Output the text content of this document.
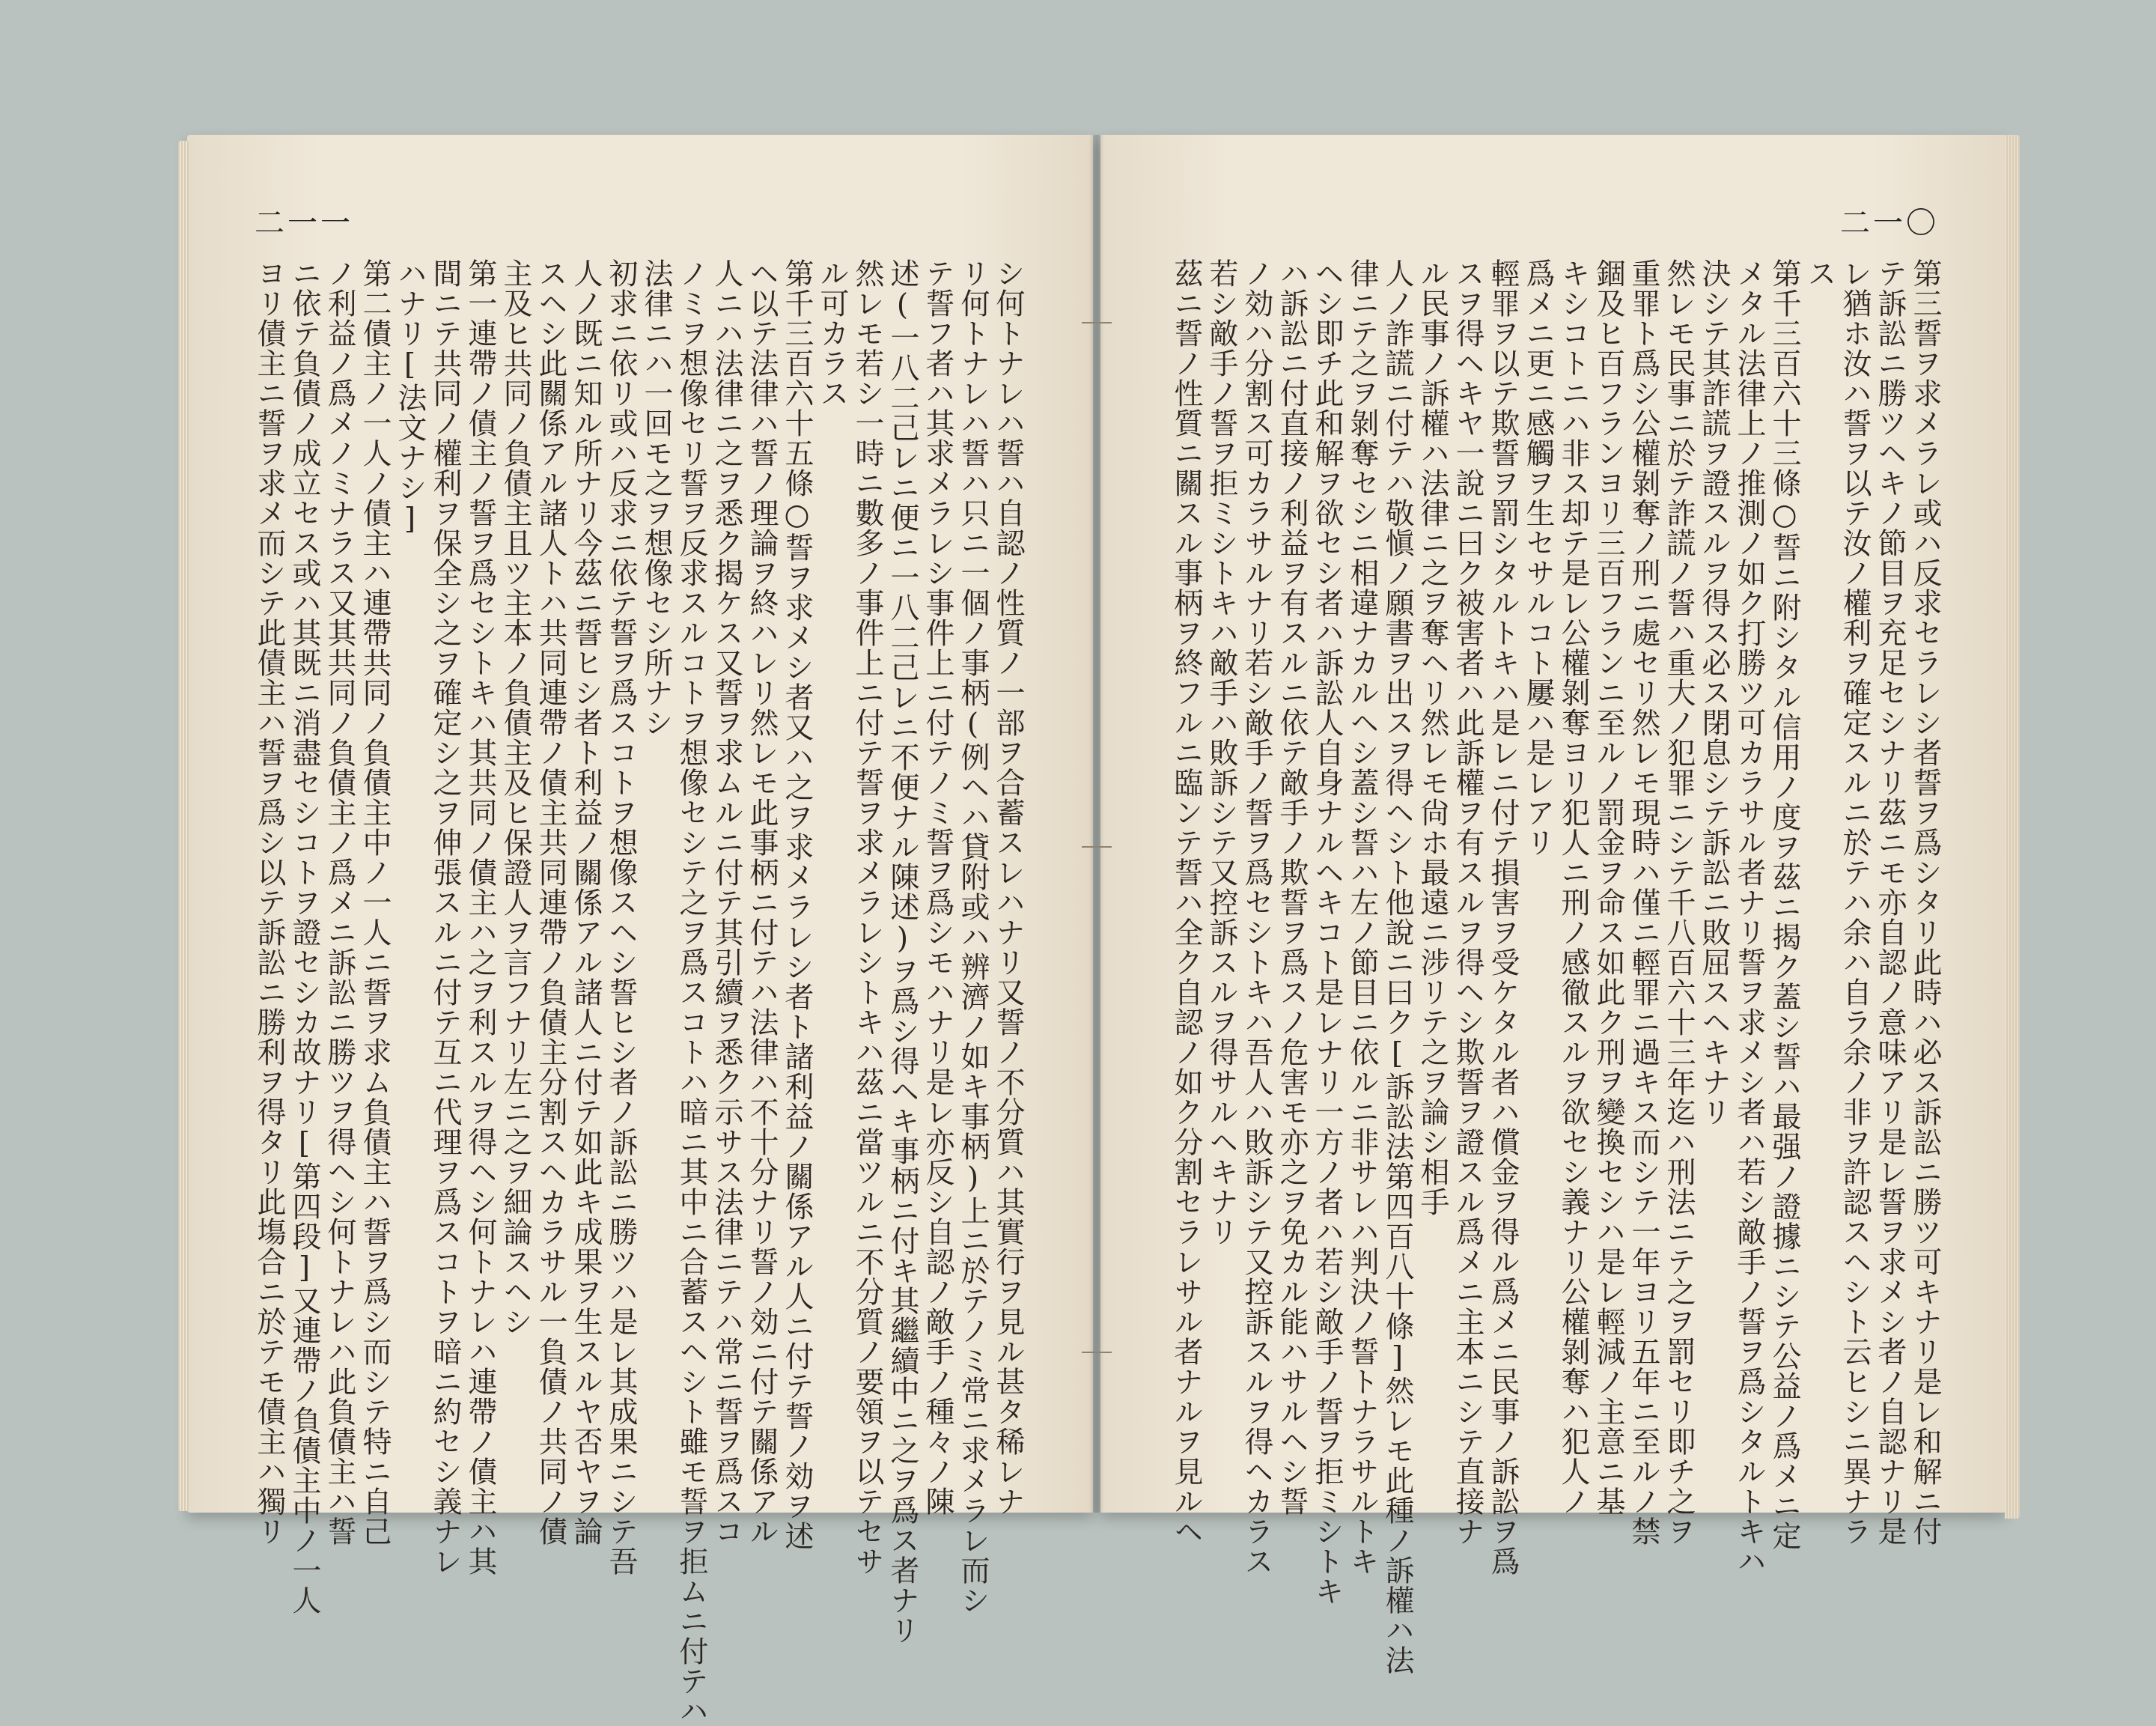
二一一
シ何トナレハ誓ハ自認ノ性質ノ一部ヲ合蓄スレハナリ又誓ノ不分質ハ其實行ヲ見ル甚タ稀レナ
リ何トナレハ誓ハ只ニ一個ノ事柄(例ヘハ貸附或ハ辨濟ノ如キ事柄)上ニ於テノミ常ニ求メラレ而シ
テ誓フ者ハ其求メラレシ事件上ニ付テノミ誓ヲ爲シモハナリ是レ亦反シ自認ノ敵手ノ種々ノ陳
述(一八二己レニ便ニ一八二己レニ不便ナル陳述)ヲ爲シ得ヘキ事柄ニ付キ其繼續中ニ之ヲ爲ス者ナリ
然レモ若シ一時ニ數多ノ事件上ニ付テ誓ヲ求メラレシトキハ茲ニ當ツルニ不分質ノ要領ヲ以テセサ
ル可カラス
第千三百六十五條○誓ヲ求メシ者又ハ之ヲ求メラレシ者ト諸利益ノ關係アル人ニ付テ誓ノ効ヲ述
ヘ以テ法律ハ誓ノ理論ヲ終ハレリ然レモ此事柄ニ付テハ法律ハ不十分ナリ誓ノ効ニ付テ關係アル
人ニハ法律ニ之ヲ悉ク揭ケス又誓ヲ求ムルニ付テ其引續ヲ悉ク示サス法律ニテハ常ニ誓ヲ爲スコ
ノミヲ想像セリ誓ヲ反求スルコトヲ想像セシテ之ヲ爲スコトハ暗ニ其中ニ合蓄スヘシト雖モ誓ヲ拒ムニ付テハ
法律ニハ一回モ之ヲ想像セシ所ナシ
初求ニ依リ或ハ反求ニ依テ誓ヲ爲スコトヲ想像スヘシ誓ヒシ者ノ訴訟ニ勝ツハ是レ其成果ニシテ吾
人ノ既ニ知ル所ナリ今茲ニ誓ヒシ者ト利益ノ關係アル諸人ニ付テ如此キ成果ヲ生スルヤ否ヤヲ論
スヘシ此關係アル諸人トハ共同連帶ノ債主共同連帶ノ負債主分割スヘカラサル一負債ノ共同ノ債
主及ヒ共同ノ負債主且ツ主本ノ負債主及ヒ保證人ヲ言フナリ左ニ之ヲ細論スヘシ
第一連帶ノ債主ノ誓ヲ爲セシトキハ其共同ノ債主ハ之ヲ利スルヲ得ヘシ何トナレハ連帶ノ債主ハ其
間ニテ共同ノ權利ヲ保全シ之ヲ確定シ之ヲ伸張スルニ付テ互ニ代理ヲ爲スコトヲ暗ニ約セシ義ナレ
ハナリ[法文ナシ]
第二債主ノ一人ノ債主ハ連帶共同ノ負債主中ノ一人ニ誓ヲ求ム負債主ハ誓ヲ爲シ而シテ特ニ自己
ノ利益ノ爲メノミナラス又其共同ノ負債主ノ爲メニ訴訟ニ勝ツヲ得ヘシ何トナレハ此負債主ハ誓
ニ依テ負債ノ成立セス或ハ其既ニ消盡セシコトヲ證セシカ故ナリ[第四段]又連帶ノ負債主中ノ一人
ヨリ債主ニ誓ヲ求メ而シテ此債主ハ誓ヲ爲シ以テ訴訟ニ勝利ヲ得タリ此塲合ニ於テモ債主ハ獨リ
二一〇
第三誓ヲ求メラレ或ハ反求セラレシ者誓ヲ爲シタリ此時ハ必ス訴訟ニ勝ツ可キナリ是レ和解ニ付
テ訴訟ニ勝ツヘキノ節目ヲ充足セシナリ茲ニモ亦自認ノ意味アリ是レ誓ヲ求メシ者ノ自認ナリ是
レ猶ホ汝ハ誓ヲ以テ汝ノ權利ヲ確定スルニ於テハ余ハ自ラ余ノ非ヲ許認スヘシト云ヒシニ異ナラ
ス
第千三百六十三條○誓ニ附シタル信用ノ度ヲ茲ニ揭ク蓋シ誓ハ最强ノ證據ニシテ公益ノ爲メニ定
メタル法律上ノ推測ノ如ク打勝ツ可カラサル者ナリ誓ヲ求メシ者ハ若シ敵手ノ誓ヲ爲シタルトキハ
決シテ其詐謊ヲ證スルヲ得ス必ス閉息シテ訴訟ニ敗屈スヘキナリ
然レモ民事ニ於テ詐謊ノ誓ハ重大ノ犯罪ニシテ千八百六十三年迄ハ刑法ニテ之ヲ罰セリ即チ之ヲ
重罪ト爲シ公權剝奪ノ刑ニ處セリ然レモ現時ハ僅ニ輕罪ニ過キス而シテ一年ヨリ五年ニ至ルノ禁
錮及ヒ百フランヨリ三百フランニ至ルノ罰金ヲ命ス如此ク刑ヲ變換セシハ是レ輕減ノ主意ニ基
キシコトニハ非ス却テ是レ公權剝奪ヨリ犯人ニ刑ノ感徹スルヲ欲セシ義ナリ公權剝奪ハ犯人ノ
爲メニ更ニ感觸ヲ生セサルコト屢ハ是レアリ
輕罪ヲ以テ欺誓ヲ罰シタルトキハ是レニ付テ損害ヲ受ケタル者ハ償金ヲ得ル爲メニ民事ノ訴訟ヲ爲
スヲ得ヘキヤ一說ニ曰ク被害者ハ此訴權ヲ有スルヲ得ヘシ欺誓ヲ證スル爲メニ主本ニシテ直接ナ
ル民事ノ訴權ハ法律ニ之ヲ奪ヘリ然レモ尙ホ最遠ニ涉リテ之ヲ論シ相手
人ノ詐謊ニ付テハ敬愼ノ願書ヲ出スヲ得ヘシト他說ニ曰ク[訴訟法第四百八十條]然レモ此種ノ訴權ハ法
律ニテ之ヲ剝奪セシニ相違ナカルヘシ蓋シ誓ハ左ノ節目ニ依ルニ非サレハ判決ノ誓トナラサルトキ
ヘシ即チ此和解ヲ欲セシ者ハ訴訟人自身ナルヘキコト是レナリ一方ノ者ハ若シ敵手ノ誓ヲ拒ミシトキ
ハ訴訟ニ付直接ノ利益ヲ有スルニ依テ敵手ノ欺誓ヲ爲スノ危害モ亦之ヲ免カル能ハサルヘシ誓
ノ効ハ分割ス可カラサルナリ若シ敵手ノ誓ヲ爲セシトキハ吾人ハ敗訴シテ又控訴スルヲ得ヘカラス
若シ敵手ノ誓ヲ拒ミシトキハ敵手ハ敗訴シテ又控訴スルヲ得サルヘキナリ
茲ニ誓ノ性質ニ關スル事柄ヲ終フルニ臨ンテ誓ハ全ク自認ノ如ク分割セラレサル者ナルヲ見ルヘ
